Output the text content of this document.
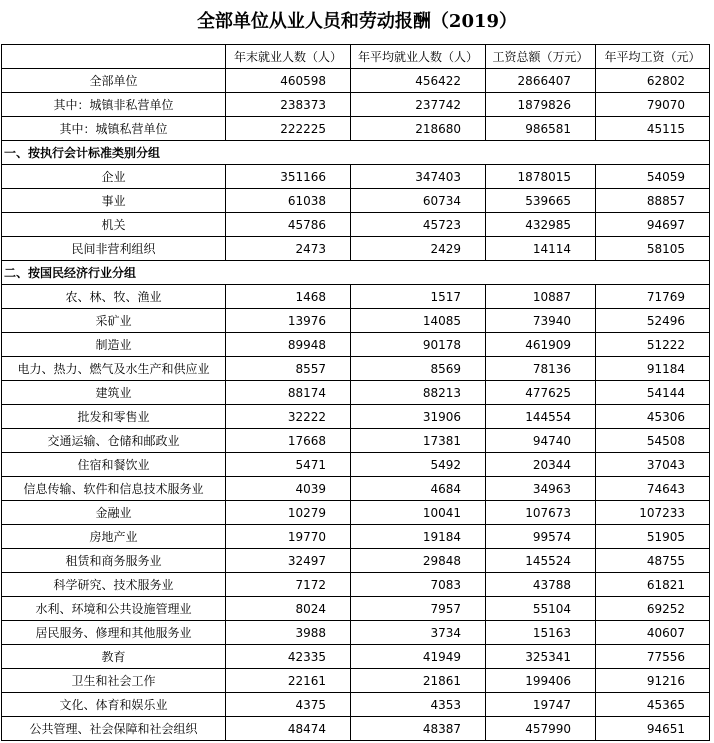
全部单位从业人员和劳动报酬（2019）
	年末就业人数（人）	年平均就业人数（人）	工资总额（万元）	年平均工资（元）
全部单位	460598	456422	2866407	62802
其中：城镇非私营单位	238373	237742	1879826	79070
其中：城镇私营单位	222225	218680	986581	45115
一、按执行会计标准类别分组				
企业	351166	347403	1878015	54059
事业	61038	60734	539665	88857
机关	45786	45723	432985	94697
民间非营利组织	2473	2429	14114	58105
二、按国民经济行业分组				
农、林、牧、渔业	1468	1517	10887	71769
采矿业	13976	14085	73940	52496
制造业	89948	90178	461909	51222
电力、热力、燃气及水生产和供应业	8557	8569	78136	91184
建筑业	88174	88213	477625	54144
批发和零售业	32222	31906	144554	45306
交通运输、仓储和邮政业	17668	17381	94740	54508
住宿和餐饮业	5471	5492	20344	37043
信息传输、软件和信息技术服务业	4039	4684	34963	74643
金融业	10279	10041	107673	107233
房地产业	19770	19184	99574	51905
租赁和商务服务业	32497	29848	145524	48755
科学研究、技术服务业	7172	7083	43788	61821
水利、环境和公共设施管理业	8024	7957	55104	69252
居民服务、修理和其他服务业	3988	3734	15163	40607
教育	42335	41949	325341	77556
卫生和社会工作	22161	21861	199406	91216
文化、体育和娱乐业	4375	4353	19747	45365
公共管理、社会保障和社会组织	48474	48387	457990	94651
